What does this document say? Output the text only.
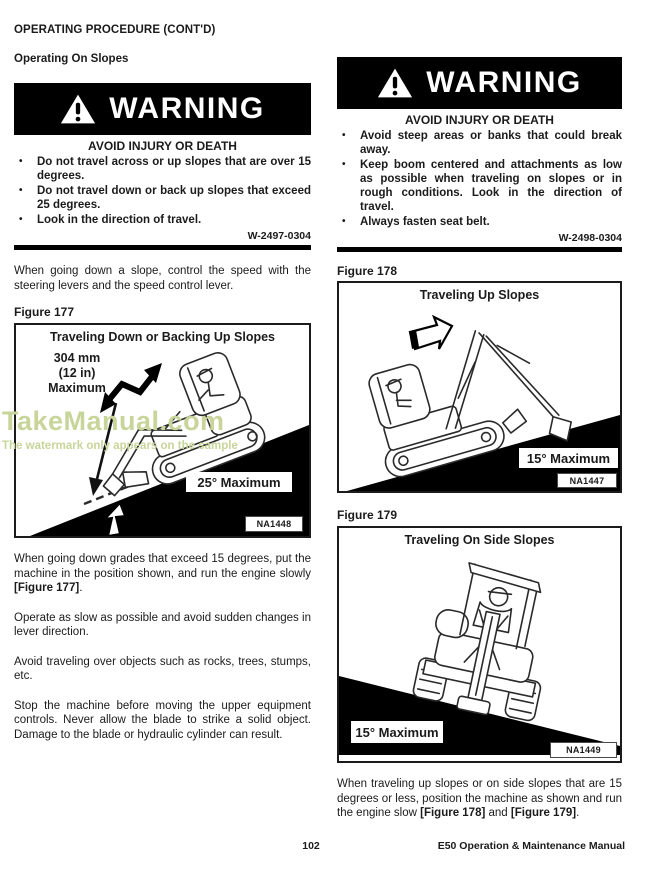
OPERATING PROCEDURE (CONT'D)
Operating On Slopes
WARNING
AVOID INJURY OR DEATH
•	Do not travel across or up slopes that are over 15 degrees.
•	Do not travel down or back up slopes that exceed 25 degrees.
•	Look in the direction of travel.
W-2497-0304

When going down a slope, control the speed with the steering levers and the speed control lever.

Figure 177
Traveling Down or Backing Up Slopes
304 mm
(12 in)
Maximum
25° Maximum
NA1448

When going down grades that exceed 15 degrees, put the machine in the position shown, and run the engine slowly [Figure 177].

Operate as slow as possible and avoid sudden changes in lever direction.

Avoid traveling over objects such as rocks, trees, stumps, etc.

Stop the machine before moving the upper equipment controls. Never allow the blade to strike a solid object. Damage to the blade or hydraulic cylinder can result.

WARNING
AVOID INJURY OR DEATH
•	Avoid steep areas or banks that could break away.
•	Keep boom centered and attachments as low as possible when traveling on slopes or in rough conditions. Look in the direction of travel.
•	Always fasten seat belt.
W-2498-0304
Figure 178
Traveling Up Slopes
15° Maximum
NA1447
Figure 179
Traveling On Side Slopes
15° Maximum
NA1449

When traveling up slopes or on side slopes that are 15 degrees or less, position the machine as shown and run the engine slow [Figure 178] and [Figure 179].

TakeManual.com
The watermark only appears on the sample
102	E50 Operation & Maintenance Manual
